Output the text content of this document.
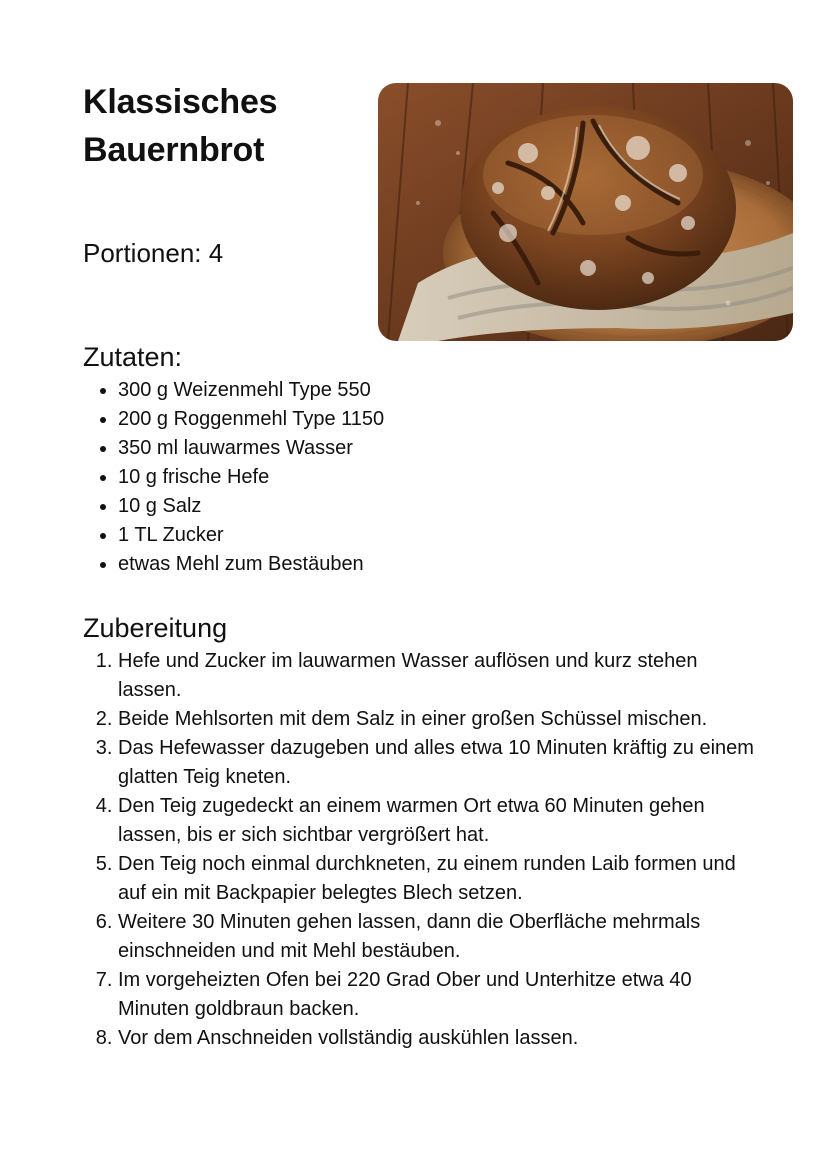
Klassisches Bauernbrot

Portionen: 4

Zutaten:
• 300 g Weizenmehl Type 550
• 200 g Roggenmehl Type 1150
• 350 ml lauwarmes Wasser
• 10 g frische Hefe
• 10 g Salz
• 1 TL Zucker
• etwas Mehl zum Bestäuben
Zubereitung
1. Hefe und Zucker im lauwarmen Wasser auflösen und kurz stehen lassen.
2. Beide Mehlsorten mit dem Salz in einer großen Schüssel mischen.
3. Das Hefewasser dazugeben und alles etwa 10 Minuten kräftig zu einem glatten Teig kneten.
4. Den Teig zugedeckt an einem warmen Ort etwa 60 Minuten gehen lassen, bis er sich sichtbar vergrößert hat.
5. Den Teig noch einmal durchkneten, zu einem runden Laib formen und auf ein mit Backpapier belegtes Blech setzen.
6. Weitere 30 Minuten gehen lassen, dann die Oberfläche mehrmals einschneiden und mit Mehl bestäuben.
7. Im vorgeheizten Ofen bei 220 Grad Ober und Unterhitze etwa 40 Minuten goldbraun backen.
8. Vor dem Anschneiden vollständig auskühlen lassen.
